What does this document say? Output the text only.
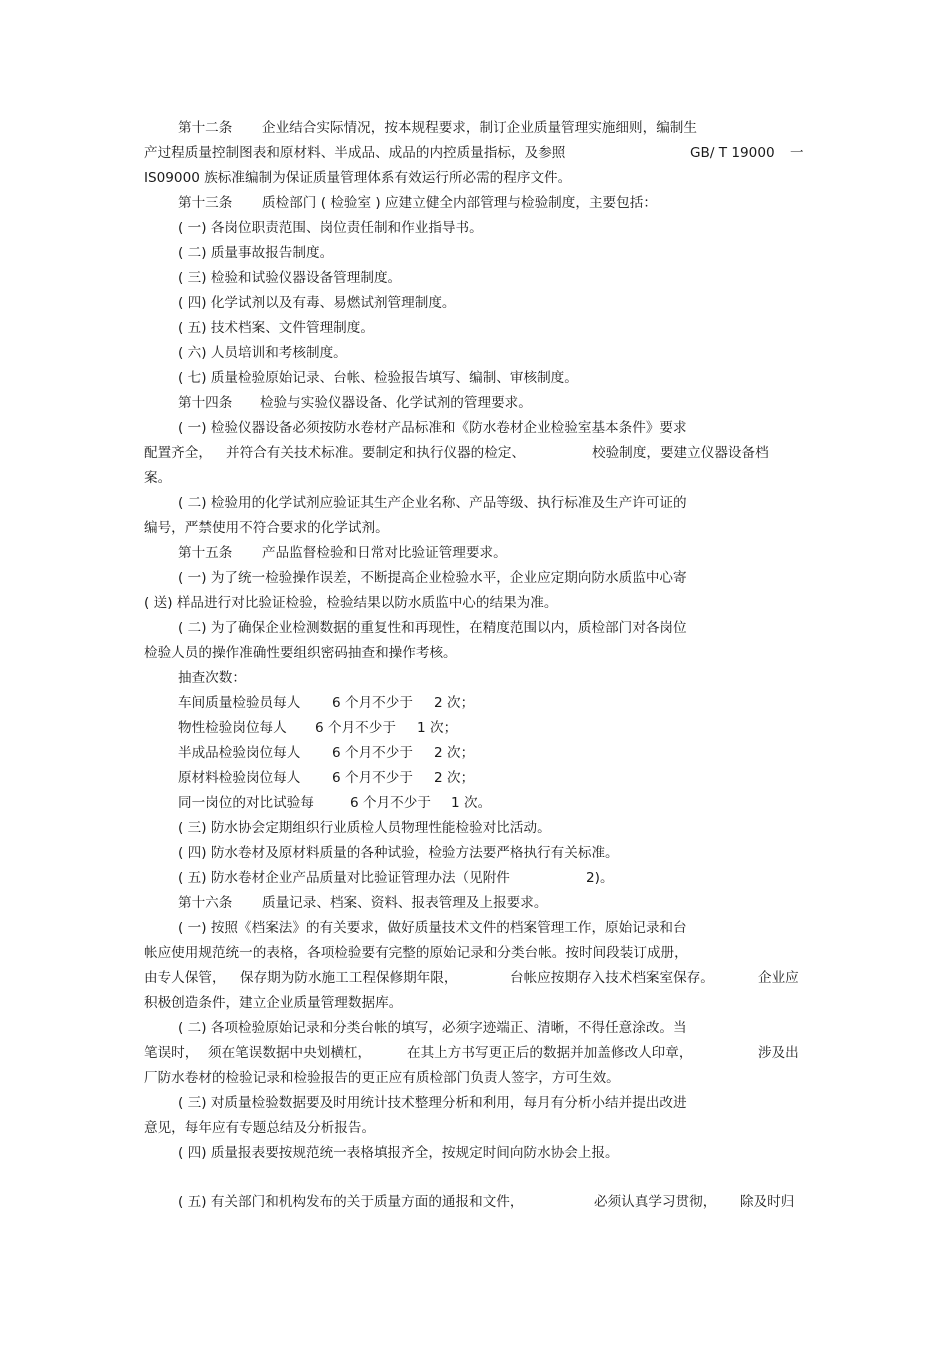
第十二条 企业结合实际情况，按本规程要求，制订企业质量管理实施细则，编制生
产过程质量控制图表和原材料、半成品、成品的内控质量指标，及参照	GB∕ T 19000 一
IS09000 族标准编制为保证质量管理体系有效运行所必需的程序文件。
第十三条 质检部门 ( 检验室 ) 应建立健全内部管理与检验制度，主要包括：
( 一) 各岗位职责范围、岗位责任制和作业指导书。
( 二) 质量事故报告制度。
( 三) 检验和试验仪器设备管理制度。
( 四) 化学试剂以及有毒、易燃试剂管理制度。
( 五) 技术档案、文件管理制度。
( 六) 人员培训和考核制度。
( 七) 质量检验原始记录、台帐、检验报告填写、编制、审核制度。
第十四条 检验与实验仪器设备、化学试剂的管理要求。
( 一) 检验仪器设备必须按防水卷材产品标准和《防水卷材企业检验室基本条件》要求
配置齐全， 并符合有关技术标准。要制定和执行仪器的检定、	校验制度，要建立仪器设备档
案。
( 二) 检验用的化学试剂应验证其生产企业名称、产品等级、执行标准及生产许可证的
编号，严禁使用不符合要求的化学试剂。
第十五条 产品监督检验和日常对比验证管理要求。
( 一) 为了统一检验操作误差，不断提高企业检验水平，企业应定期向防水质监中心寄
( 送) 样品进行对比验证检验，检验结果以防水质监中心的结果为准。
( 二) 为了确保企业检测数据的重复性和再现性，在精度范围以内，质检部门对各岗位
检验人员的操作准确性要组织密码抽查和操作考核。
抽查次数：
车间质量检验员每人 6 个月不少于 2 次；
物性检验岗位每人 6 个月不少于 1 次；
半成品检验岗位每人 6 个月不少于 2 次；
原材料检验岗位每人 6 个月不少于 2 次；
同一岗位的对比试验每	6 个月不少于 1 次。
( 三) 防水协会定期组织行业质检人员物理性能检验对比活动。
( 四) 防水卷材及原材料质量的各种试验，检验方法要严格执行有关标准。
( 五) 防水卷材企业产品质量对比验证管理办法（见附件	2)。
第十六条 质量记录、档案、资料、报表管理及上报要求。
( 一) 按照《档案法》的有关要求，做好质量技术文件的档案管理工作，原始记录和台
帐应使用规范统一的表格，各项检验要有完整的原始记录和分类台帐。按时间段装订成册，
由专人保管， 保存期为防水施工工程保修期年限，	台帐应按期存入技术档案室保存。	企业应
积极创造条件，建立企业质量管理数据库。
( 二) 各项检验原始记录和分类台帐的填写，必须字迹端正、清晰，不得任意涂改。当
笔误时， 须在笔误数据中央划横杠，	在其上方书写更正后的数据并加盖修改人印章，	涉及出
厂防水卷材的检验记录和检验报告的更正应有质检部门负责人签字，方可生效。
( 三) 对质量检验数据要及时用统计技术整理分析和利用，每月有分析小结并提出改进
意见，每年应有专题总结及分析报告。
( 四) 质量报表要按规范统一表格填报齐全，按规定时间向防水协会上报。
( 五) 有关部门和机构发布的关于质量方面的通报和文件，	必须认真学习贯彻， 除及时归
